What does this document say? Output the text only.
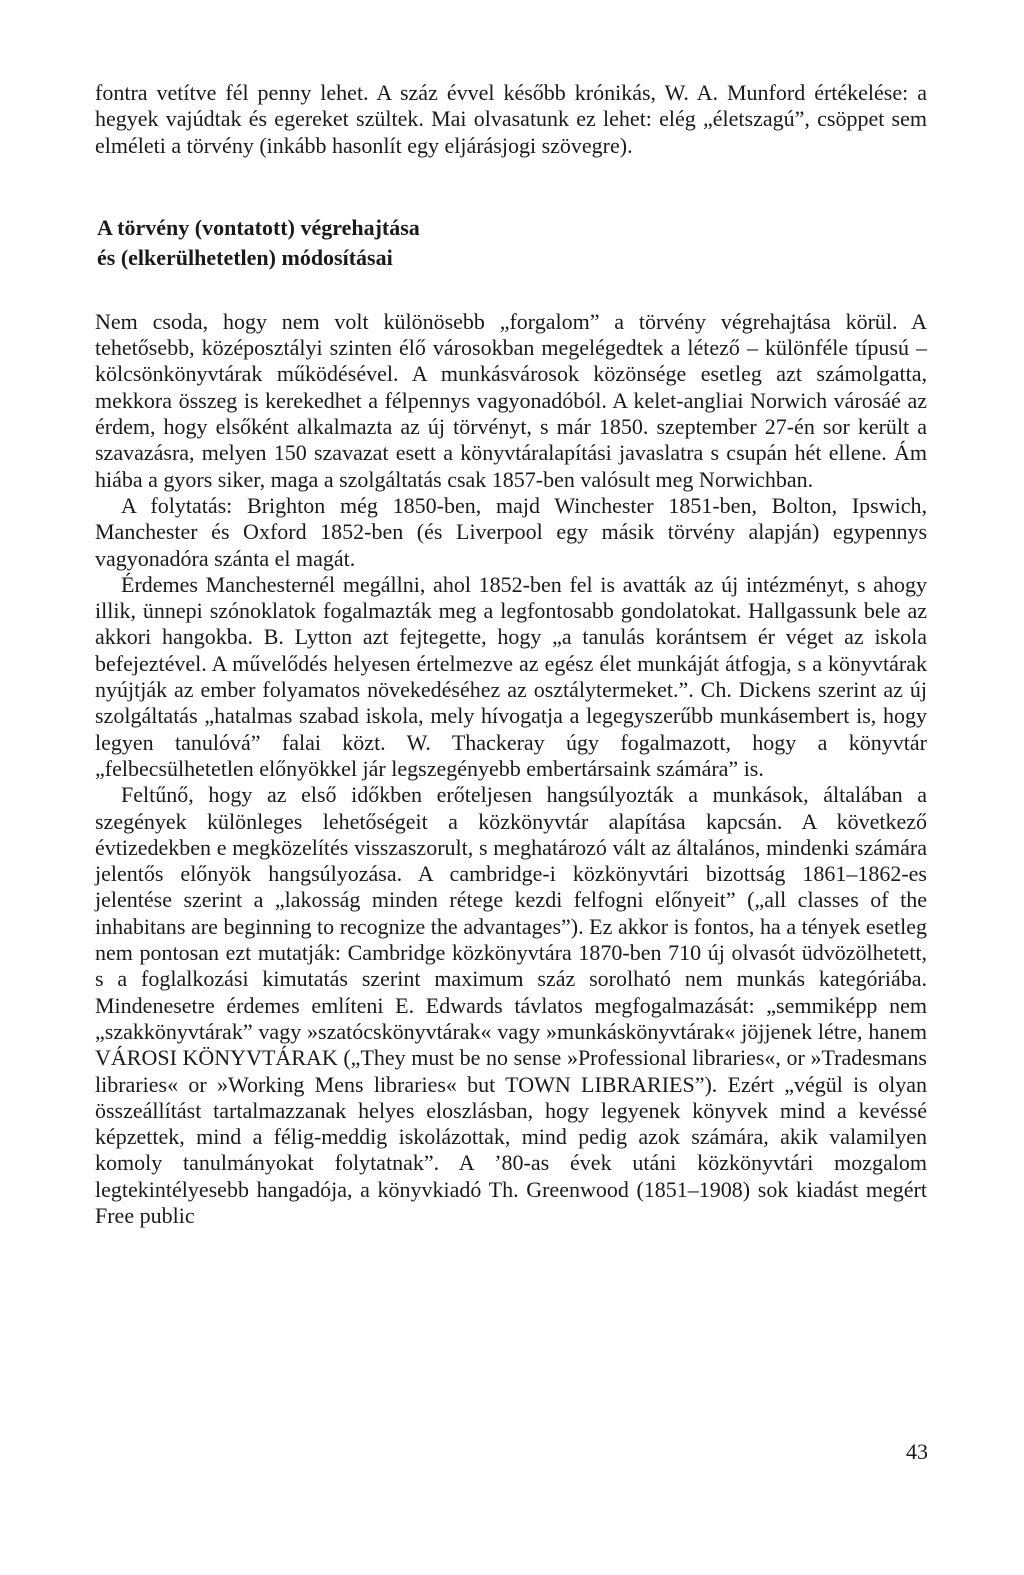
fontra vetítve fél penny lehet. A száz évvel később krónikás, W. A. Munford értékelése: a hegyek vajúdtak és egereket szültek. Mai olvasatunk ez lehet: elég „életszagú”, csöppet sem elméleti a törvény (inkább hasonlít egy eljárásjogi szövegre).

A törvény (vontatott) végrehajtása
és (elkerülhetetlen) módosításai

Nem csoda, hogy nem volt különösebb „forgalom” a törvény végrehajtása körül. A tehetősebb, középosztályi szinten élő városokban megelégedtek a létező – különféle típusú – kölcsönkönyvtárak működésével. A munkásvárosok közönsége esetleg azt számolgatta, mekkora összeg is kerekedhet a félpennys vagyonadóból. A kelet-angliai Norwich városáé az érdem, hogy elsőként alkalmazta az új törvényt, s már 1850. szeptember 27-én sor került a szavazásra, melyen 150 szavazat esett a könyvtáralapítási javaslatra s csupán hét ellene. Ám hiába a gyors siker, maga a szolgáltatás csak 1857-ben valósult meg Norwichban.

A folytatás: Brighton még 1850-ben, majd Winchester 1851-ben, Bolton, Ipswich, Manchester és Oxford 1852-ben (és Liverpool egy másik törvény alapján) egypennys vagyonadóra szánta el magát.

Érdemes Manchesternél megállni, ahol 1852-ben fel is avatták az új intézményt, s ahogy illik, ünnepi szónoklatok fogalmazták meg a legfontosabb gondolatokat. Hallgassunk bele az akkori hangokba. B. Lytton azt fejtegette, hogy „a tanulás korántsem ér véget az iskola befejeztével. A művelődés helyesen értelmezve az egész élet munkáját átfogja, s a könyvtárak nyújtják az ember folyamatos növekedéséhez az osztálytermeket.”. Ch. Dickens szerint az új szolgáltatás „hatalmas szabad iskola, mely hívogatja a legegyszerűbb munkásembert is, hogy legyen tanulóvá” falai közt. W. Thackeray úgy fogalmazott, hogy a könyvtár „felbecsülhetetlen előnyökkel jár legszegényebb embertársaink számára” is.

Feltűnő, hogy az első időkben erőteljesen hangsúlyozták a munkások, általában a szegények különleges lehetőségeit a közkönyvtár alapítása kapcsán. A következő évtizedekben e megközelítés visszaszorult, s meghatározó vált az általános, mindenki számára jelentős előnyök hangsúlyozása. A cambridge-i közkönyvtári bizottság 1861–1862-es jelentése szerint a „lakosság minden rétege kezdi felfogni előnyeit” („all classes of the inhabitans are beginning to recognize the advantages”). Ez akkor is fontos, ha a tények esetleg nem pontosan ezt mutatják: Cambridge közkönyvtára 1870-ben 710 új olvasót üdvözölhetett, s a foglalkozási kimutatás szerint maximum száz sorolható nem munkás kategóriába. Mindenesetre érdemes említeni E. Edwards távlatos megfogalmazását: „semmiképp nem „szakkönyvtárak” vagy »szatócskönyvtárak« vagy »munkáskönyvtárak« jöjjenek létre, hanem VÁROSI KÖNYVTÁRAK („They must be no sense »Professional libraries«, or »Tradesmans libraries« or »Working Mens libraries« but TOWN LIBRARIES”). Ezért „végül is olyan összeállítást tartalmazzanak helyes eloszlásban, hogy legyenek könyvek mind a kevéssé képzettek, mind a félig-meddig iskolázottak, mind pedig azok számára, akik valamilyen komoly tanulmányokat folytatnak”. A ’80-as évek utáni közkönyvtári mozgalom legtekintélyesebb hangadója, a könyvkiadó Th. Greenwood (1851–1908) sok kiadást megért Free public

43
